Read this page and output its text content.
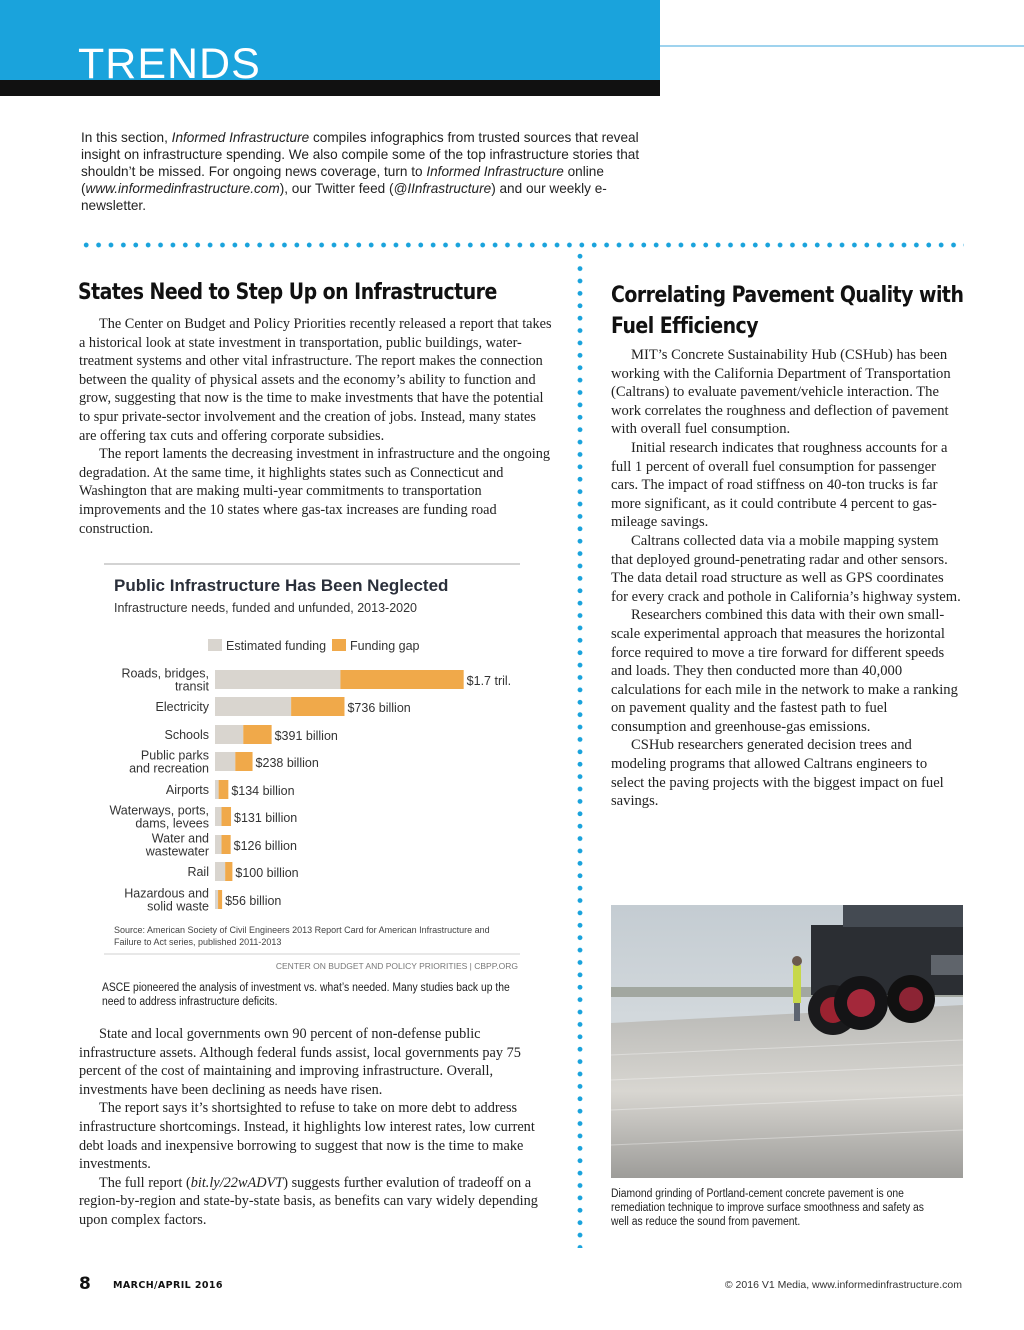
TRENDS

In this section, Informed Infrastructure compiles infographics from trusted sources that reveal insight on infrastructure spending. We also compile some of the top infrastructure stories that shouldn’t be missed. For ongoing news coverage, turn to Informed Infrastructure online (www.informedinfrastructure.com), our Twitter feed (@IInfrastructure) and our weekly e-newsletter.

States Need to Step Up on Infrastructure

The Center on Budget and Policy Priorities recently released a report that takes a historical look at state investment in transportation, public buildings, water-treatment systems and other vital infrastructure. The report makes the connection between the quality of physical assets and the economy’s ability to function and grow, suggesting that now is the time to make investments that have the potential to spur private-sector involvement and the creation of jobs. Instead, many states are offering tax cuts and offering corporate subsidies.

The report laments the decreasing investment in infrastructure and the ongoing degradation. At the same time, it highlights states such as Connecticut and Washington that are making multi-year commitments to transportation improvements and the 10 states where gas-tax increases are funding road construction.

Public Infrastructure Has Been Neglected
Infrastructure needs, funded and unfunded, 2013-2020
Estimated funding Funding gap
$1.7 tril.
Roads, bridges,
transit
$736 billion
Electricity
$391 billion
Schools
$238 billion
Public parks
and recreation
$134 billion
Airports
$131 billion
Waterways, ports,
dams, levees
$126 billion
Water and
wastewater
$100 billion
Rail
$56 billion
Hazardous and
solid waste
Source: American Society of Civil Engineers 2013 Report Card for American Infrastructure and
Failure to Act series, published 2011-2013
CENTER ON BUDGET AND POLICY PRIORITIES | CBPP.ORG

ASCE pioneered the analysis of investment vs. what’s needed. Many studies back up the need to address infrastructure deficits.

State and local governments own 90 percent of non-defense public infrastructure assets. Although federal funds assist, local governments pay 75 percent of the cost of maintaining and improving infrastructure. Overall, investments have been declining as needs have risen.

The report says it’s shortsighted to refuse to take on more debt to address infrastructure shortcomings. Instead, it highlights low interest rates, low current debt loads and inexpensive borrowing to suggest that now is the time to make investments.

The full report (bit.ly/22wADVT) suggests further evalution of tradeoff on a region-by-region and state-by-state basis, as benefits can vary widely depending upon complex factors.

Correlating Pavement Quality with
Fuel Efficiency

MIT’s Concrete Sustainability Hub (CSHub) has been working with the California Department of Transportation (Caltrans) to evaluate pavement/vehicle interaction. The work correlates the roughness and deflection of pavement with overall fuel consumption.

Initial research indicates that roughness accounts for a full 1 percent of overall fuel consumption for passenger cars. The impact of road stiffness on 40-ton trucks is far more significant, as it could contribute 4 percent to gas-mileage savings.

Caltrans collected data via a mobile mapping system that deployed ground-penetrating radar and other sensors. The data detail road structure as well as GPS coordinates for every crack and pothole in California’s highway system.

Researchers combined this data with their own small-scale experimental approach that measures the horizontal force required to move a tire forward for different speeds and loads. They then conducted more than 40,000 calculations for each mile in the network to make a ranking on pavement quality and the fastest path to fuel consumption and greenhouse-gas emissions.

CSHub researchers generated decision trees and modeling programs that allowed Caltrans engineers to select the paving projects with the biggest impact on fuel savings.

Diamond grinding of Portland-cement concrete pavement is one remediation technique to improve surface smoothness and safety as well as reduce the sound from pavement.

8 MARCH/APRIL 2016	© 2016 V1 Media, www.informedinfrastructure.com
